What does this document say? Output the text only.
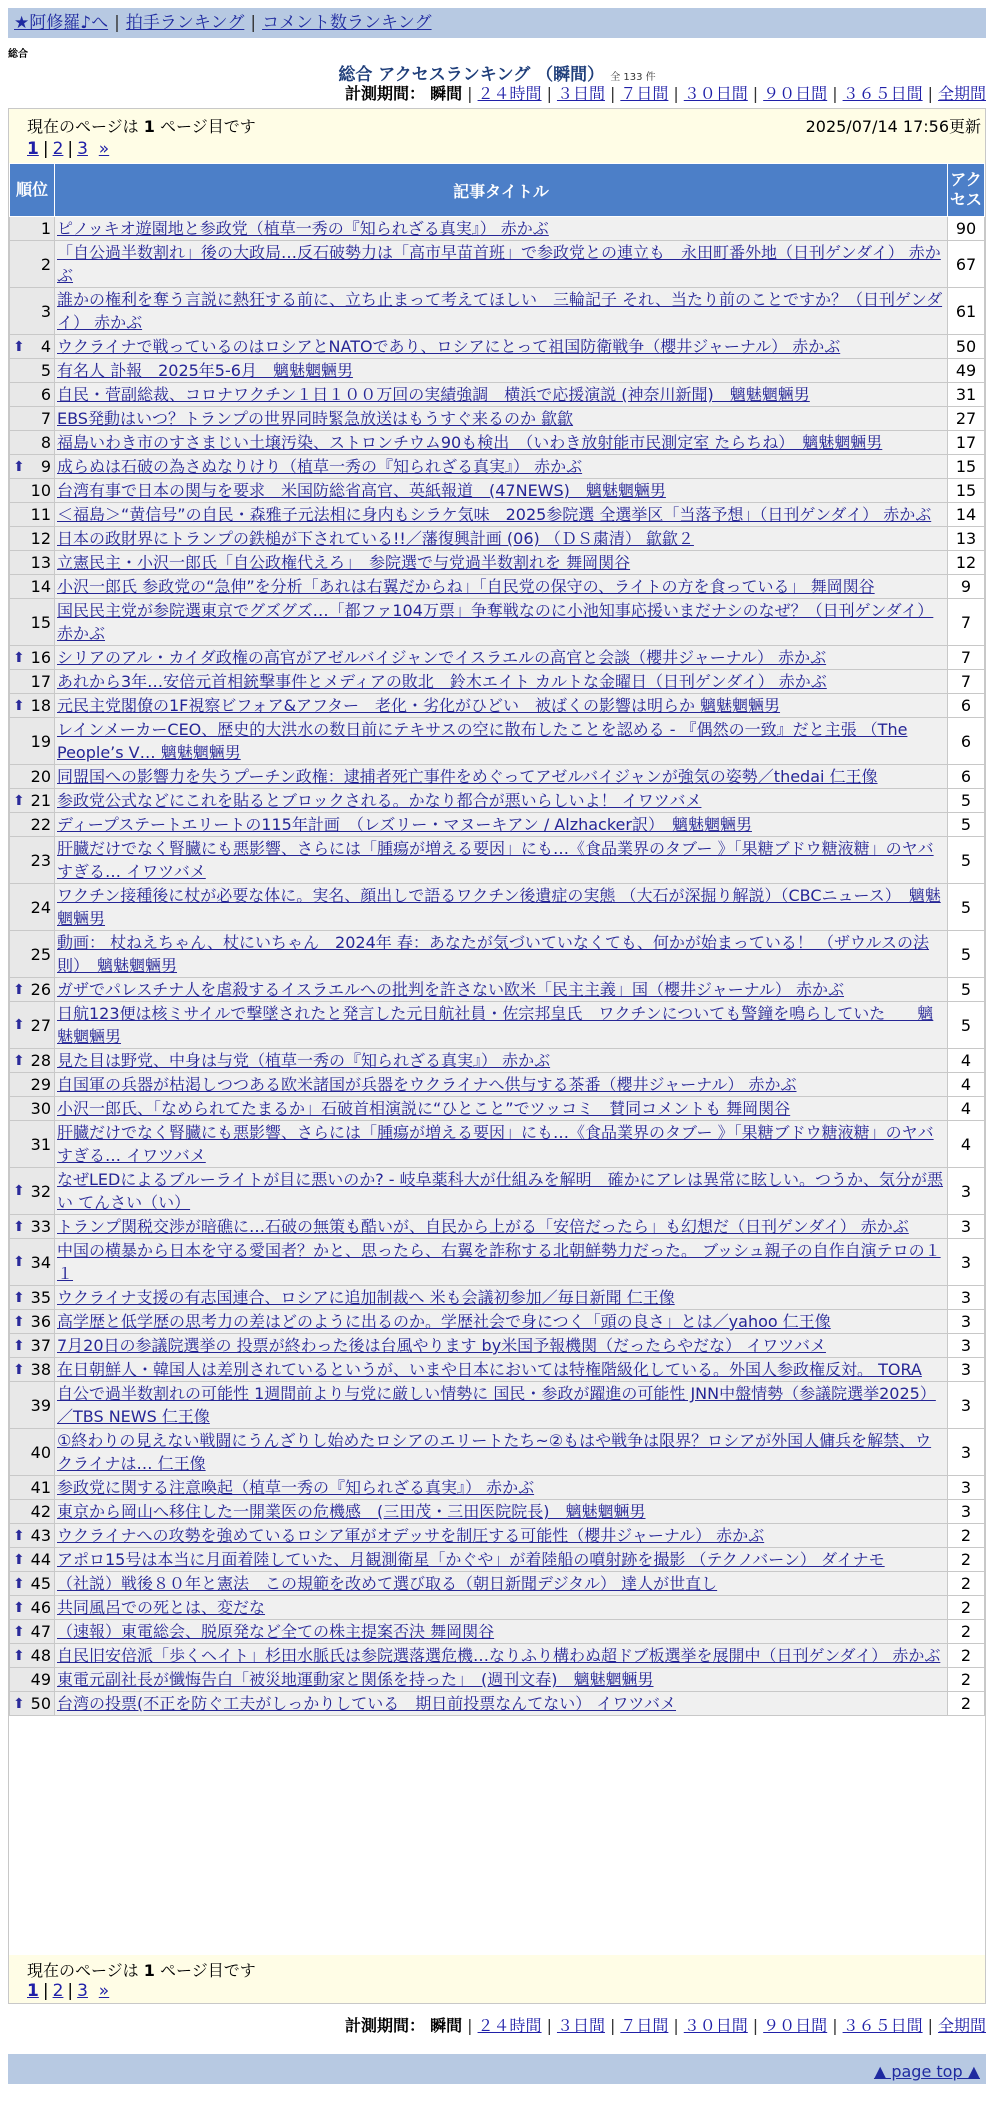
★阿修羅♪へ | 拍手ランキング | コメント数ランキング
総合
総合 アクセスランキング （瞬間） 全 133 件
計測期間： 瞬間 | ２４時間 | ３日間 | ７日間 | ３０日間 | ９０日間 | ３６５日間 | 全期間
現在のページは 1 ページ目です	2025/07/14 17:56更新
1 | 2 | 3 »
順位	記事タイトル	アクセス
1	ピノッキオ遊園地と参政党（植草一秀の『知られざる真実』） 赤かぶ	90
2	「自公過半数割れ」後の大政局…反石破勢力は「高市早苗首班」で参政党との連立も　永田町番外地（日刊ゲンダイ） 赤かぶ	67
3	誰かの権利を奪う言説に熱狂する前に、立ち止まって考えてほしい　三輪記子 それ、当たり前のことですか？（日刊ゲンダイ） 赤かぶ	61

⬆ 4	ウクライナで戦っているのはロシアとNATOであり、ロシアにとって祖国防衛戦争（櫻井ジャーナル） 赤かぶ	50
5	有名人 訃報　2025年5-6月　魑魅魍魎男	49
6	自民・菅副総裁、コロナワクチン１日１００万回の実績強調　横浜で応援演説 (神奈川新聞)　魑魅魍魎男	31
7	EBS発動はいつ？トランプの世界同時緊急放送はもうすぐ来るのか 歙歙	27
8	福島いわき市のすさまじい土壌汚染、ストロンチウム90も検出　（いわき放射能市民測定室 たらちね）　魑魅魍魎男	17

⬆ 9	成らぬは石破の為さぬなりけり（植草一秀の『知られざる真実』） 赤かぶ	15
10	台湾有事で日本の関与を要求　米国防総省高官、英紙報道　(47NEWS)　魑魅魍魎男	15
11	＜福島＞“黄信号”の自民・森雅子元法相に身内もシラケ気味　2025参院選 全選挙区「当落予想」（日刊ゲンダイ） 赤かぶ	14
12	日本の政財界にトランプの鉄槌が下されている!!／藩復興計画 (06) （ＤＳ粛清） 歙歙２	13
13	立憲民主・小沢一郎氏「自公政権代えろ」　参院選で与党過半数割れを 舞岡関谷	12
14	小沢一郎氏 参政党の“急伸”を分析「あれは右翼だからね」「自民党の保守の、ライトの方を食っている」 舞岡関谷	9
15	国民民主党が参院選東京でグズグズ…「都ファ104万票」争奪戦なのに小池知事応援いまだナシのなぜ？（日刊ゲンダイ） 赤かぶ	7

⬆ 16	シリアのアル・カイダ政権の高官がアゼルバイジャンでイスラエルの高官と会談（櫻井ジャーナル） 赤かぶ	7
17	あれから3年…安倍元首相銃撃事件とメディアの敗北　鈴木エイト カルトな金曜日（日刊ゲンダイ） 赤かぶ	7

⬆ 18	元民主党閣僚の1F視察ビフォア&アフター　老化・劣化がひどい　被ばくの影響は明らか 魑魅魍魎男	6
19	レインメーカーCEO、歴史的大洪水の数日前にテキサスの空に散布したことを認める - 『偶然の一致』だと主張 （The People’s V… 魑魅魍魎男	6
20	同盟国への影響力を失うプーチン政権：逮捕者死亡事件をめぐってアゼルバイジャンが強気の姿勢／thedai 仁王像	6

⬆ 21	参政党公式などにこれを貼るとブロックされる。かなり都合が悪いらしいよ！ イワツバメ	5
22	ディープステートエリートの115年計画　（レズリー・マヌーキアン / Alzhacker訳）　魑魅魍魎男	5
23	肝臓だけでなく腎臓にも悪影響、さらには「腫瘍が増える要因」にも…《食品業界のタブー 》「果糖ブドウ糖液糖」のヤバすぎる… イワツバメ	5
24	ワクチン接種後に杖が必要な体に。実名、顔出しで語るワクチン後遺症の実態 （大石が深掘り解説）（CBCニュース）　魑魅魍魎男	5
25	動画： 杖ねえちゃん、杖にいちゃん　2024年 春：あなたが気づいていなくても、何かが始まっている！ （ザウルスの法則）　魑魅魍魎男	5

⬆ 26	ガザでパレスチナ人を虐殺するイスラエルへの批判を許さない欧米「民主主義」国（櫻井ジャーナル） 赤かぶ	5

⬆ 27	日航123便は核ミサイルで撃墜されたと発言した元日航社員・佐宗邦皇氏　ワクチンについても警鐘を鳴らしていた　　魑魅魍魎男	5

⬆ 28	見た目は野党、中身は与党（植草一秀の『知られざる真実』） 赤かぶ	4
29	自国軍の兵器が枯渇しつつある欧米諸国が兵器をウクライナへ供与する茶番（櫻井ジャーナル） 赤かぶ	4
30	小沢一郎氏、「なめられてたまるか」石破首相演説に“ひとこと”でツッコミ　賛同コメントも 舞岡関谷	4
31	肝臓だけでなく腎臓にも悪影響、さらには「腫瘍が増える要因」にも…《食品業界のタブー 》「果糖ブドウ糖液糖」のヤバすぎる… イワツバメ	4

⬆ 32	なぜLEDによるブルーライトが目に悪いのか? - 岐阜薬科大が仕組みを解明　確かにアレは異常に眩しい。つうか、気分が悪い てんさい（い）	3

⬆ 33	トランプ関税交渉が暗礁に…石破の無策も酷いが、自民から上がる「安倍だったら」も幻想だ（日刊ゲンダイ） 赤かぶ	3

⬆ 34	中国の横暴から日本を守る愛国者？かと、思ったら、右翼を詐称する北朝鮮勢力だった。 ブッシュ親子の自作自演テロの１１	3

⬆ 35	ウクライナ支援の有志国連合、ロシアに追加制裁へ 米も会議初参加／毎日新聞 仁王像	3

⬆ 36	高学歴と低学歴の思考力の差はどのように出るのか。学歴社会で身につく「頭の良さ」とは／yahoo 仁王像	3

⬆ 37	7月20日の参議院選挙の 投票が終わった後は台風やります by米国予報機関（だったらやだな） イワツバメ	3

⬆ 38	在日朝鮮人・韓国人は差別されているというが、いまや日本においては特権階級化している。外国人参政権反対。 TORA	3
39	自公で過半数割れの可能性 1週間前より与党に厳しい情勢に 国民・参政が躍進の可能性 JNN中盤情勢（参議院選挙2025）／TBS NEWS 仁王像	3
40	①終わりの見えない戦闘にうんざりし始めたロシアのエリートたち~②もはや戦争は限界？ロシアが外国人傭兵を解禁、ウクライナは… 仁王像	3
41	参政党に関する注意喚起（植草一秀の『知られざる真実』） 赤かぶ	3
42	東京から岡山へ移住した一開業医の危機感　(三田茂・三田医院院長)　魑魅魍魎男	3

⬆ 43	ウクライナへの攻勢を強めているロシア軍がオデッサを制圧する可能性（櫻井ジャーナル） 赤かぶ	2

⬆ 44	アポロ15号は本当に月面着陸していた、月観測衛星「かぐや」が着陸船の噴射跡を撮影 （テクノバーン） ダイナモ	2

⬆ 45	（社説）戦後８０年と憲法　この規範を改めて選び取る（朝日新聞デジタル） 達人が世直し	2

⬆ 46	共同風呂での死とは、変だな	2

⬆ 47	（速報）東電総会、脱原発など全ての株主提案否決 舞岡関谷	2

⬆ 48	自民旧安倍派「歩くヘイト」杉田水脈氏は参院選落選危機…なりふり構わぬ超ドブ板選挙を展開中（日刊ゲンダイ） 赤かぶ	2
49	東電元副社長が懺悔告白「被災地運動家と関係を持った」　(週刊文春)　魑魅魍魎男	2

⬆ 50	台湾の投票(不正を防ぐ工夫がしっかりしている　期日前投票なんてない） イワツバメ	2
現在のページは 1 ページ目です
1 | 2 | 3 »
計測期間： 瞬間 | ２４時間 | ３日間 | ７日間 | ３０日間 | ９０日間 | ３６５日間 | 全期間
▲ page top ▲
